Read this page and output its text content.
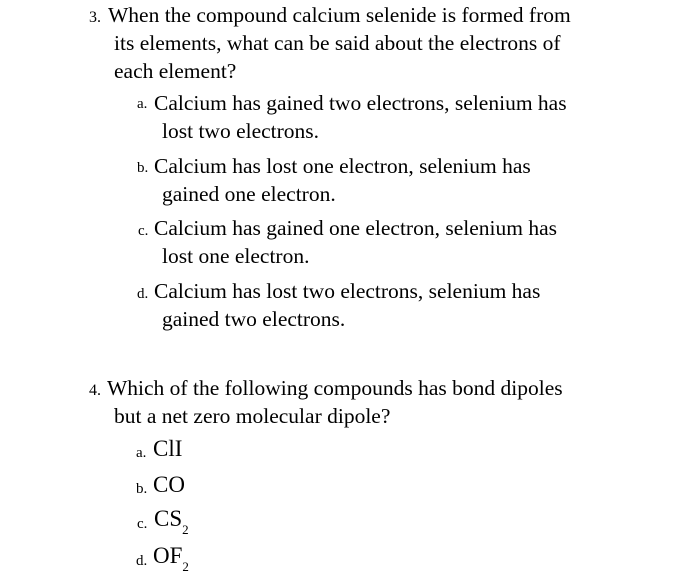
3. When the compound calcium selenide is formed from
its elements, what can be said about the electrons of
each element?
a. Calcium has gained two electrons, selenium has
lost two electrons.
b. Calcium has lost one electron, selenium has
gained one electron.
c. Calcium has gained one electron, selenium has
lost one electron.
d. Calcium has lost two electrons, selenium has
gained two electrons.
4. Which of the following compounds has bond dipoles
but a net zero molecular dipole?
a. ClI
b. CO
c. $CS_2$
d. $OF_2$
